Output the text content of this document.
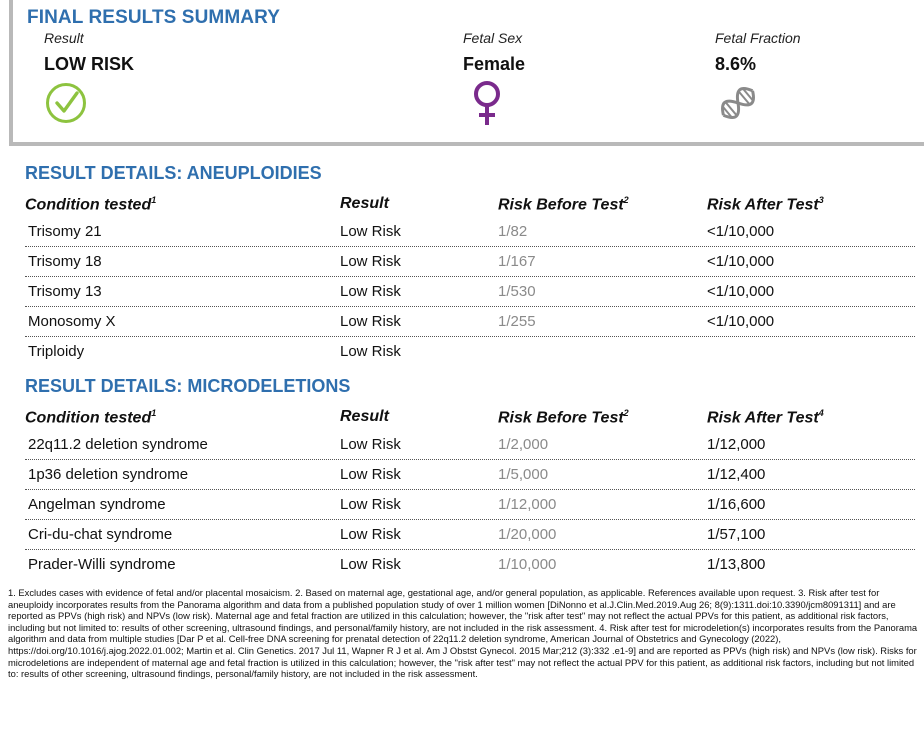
FINAL RESULTS SUMMARY
Result
LOW RISK
Fetal Sex
Female
Fetal Fraction
8.6%
RESULT DETAILS: ANEUPLOIDIES
Condition tested$^1$	Result	Risk Before Test$^2$	Risk After Test$^3$
Trisomy 21	Low Risk	1/82	<1/10,000
Trisomy 18	Low Risk	1/167	<1/10,000
Trisomy 13	Low Risk	1/530	<1/10,000
Monosomy X	Low Risk	1/255	<1/10,000
Triploidy	Low Risk
RESULT DETAILS: MICRODELETIONS
Condition tested$^1$	Result	Risk Before Test$^2$	Risk After Test$^4$
22q11.2 deletion syndrome	Low Risk	1/2,000	1/12,000
1p36 deletion syndrome	Low Risk	1/5,000	1/12,400
Angelman syndrome	Low Risk	1/12,000	1/16,600
Cri-du-chat syndrome	Low Risk	1/20,000	1/57,100
Prader-Willi syndrome	Low Risk	1/10,000	1/13,800
1. Excludes cases with evidence of fetal and/or placental mosaicism. 2. Based on maternal age, gestational age, and/or general population, as applicable. References available upon request. 3. Risk after test for aneuploidy incorporates results from the Panorama algorithm and data from a published population study of over 1 million women [DiNonno et al.J.Clin.Med.2019.Aug 26; 8(9):1311.doi:10.3390/jcm8091311] and are reported as PPVs (high risk) and NPVs (low risk). Maternal age and fetal fraction are utilized in this calculation; however, the "risk after test" may not reflect the actual PPVs for this patient, as additional risk factors, including but not limited to: results of other screening, ultrasound findings, and personal/family history, are not included in the risk assessment. 4. Risk after test for microdeletion(s) incorporates results from the Panorama algorithm and data from multiple studies [Dar P et al. Cell-free DNA screening for prenatal detection of 22q11.2 deletion syndrome, American Journal of Obstetrics and Gynecology (2022), https://doi.org/10.1016/j.ajog.2022.01.002; Martin et al. Clin Genetics. 2017 Jul 11, Wapner R J et al. Am J Obstst Gynecol. 2015 Mar;212 (3):332 .e1-9] and are reported as PPVs (high risk) and NPVs (low risk). Risks for microdeletions are independent of maternal age and fetal fraction is utilized in this calculation; however, the "risk after test" may not reflect the actual PPV for this patient, as additional risk factors, including but not limited to: results of other screening, ultrasound findings, personal/family history, are not included in the risk assessment.
